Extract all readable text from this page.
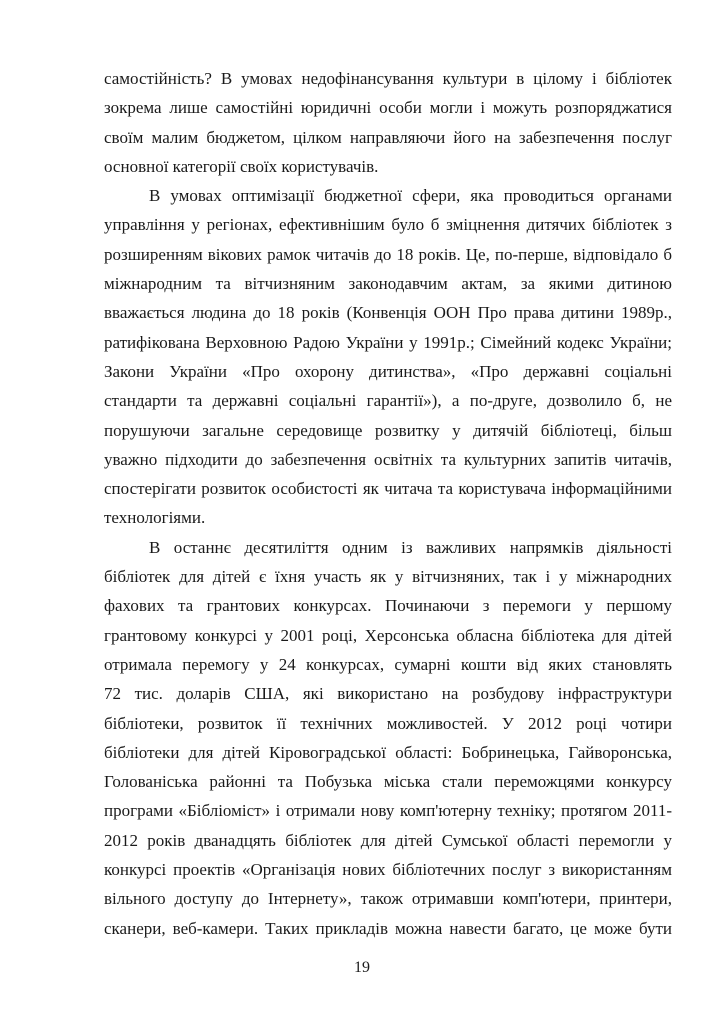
самостійність? В умовах недофінансування культури в цілому і бібліотек
зокрема лише самостійні юридичні особи могли і можуть розпоряджатися
своїм малим бюджетом, цілком направляючи його на забезпечення послуг
основної категорії своїх користувачів.
В умовах оптимізації бюджетної сфери, яка проводиться органами
управління у регіонах, ефективнішим було б зміцнення дитячих бібліотек з
розширенням вікових рамок читачів до 18 років. Це, по-перше, відповідало б
міжнародним та вітчизняним законодавчим актам, за якими дитиною
вважається людина до 18 років (Конвенція ООН Про права дитини 1989р.,
ратифікована Верховною Радою України у 1991р.; Сімейний кодекс України;
Закони України «Про охорону дитинства», «Про державні соціальні
стандарти та державні соціальні гарантії»), а по-друге, дозволило б, не
порушуючи загальне середовище розвитку у дитячій бібліотеці, більш
уважно підходити до забезпечення освітніх та культурних запитів читачів,
спостерігати розвиток особистості як читача та користувача інформаційними
технологіями.
В останнє десятиліття одним із важливих напрямків діяльності
бібліотек для дітей є їхня участь як у вітчизняних, так і у міжнародних
фахових та грантових конкурсах. Починаючи з перемоги у першому
грантовому конкурсі у 2001 році, Херсонська обласна бібліотека для дітей
отримала перемогу у 24 конкурсах, сумарні кошти від яких становлять
72 тис. доларів США, які використано на розбудову інфраструктури
бібліотеки, розвиток її технічних можливостей. У 2012 році чотири
бібліотеки для дітей Кіровоградської області: Бобринецька, Гайворонська,
Голованіська районні та Побузька міська стали переможцями конкурсу
програми «Бібліоміст» і отримали нову комп'ютерну техніку; протягом 2011-
2012 років дванадцять бібліотек для дітей Сумської області перемогли у
конкурсі проектів «Організація нових бібліотечних послуг з використанням
вільного доступу до Інтернету», також отримавши комп'ютери, принтери,
сканери, веб-камери. Таких прикладів можна навести багато, це може бути
19
